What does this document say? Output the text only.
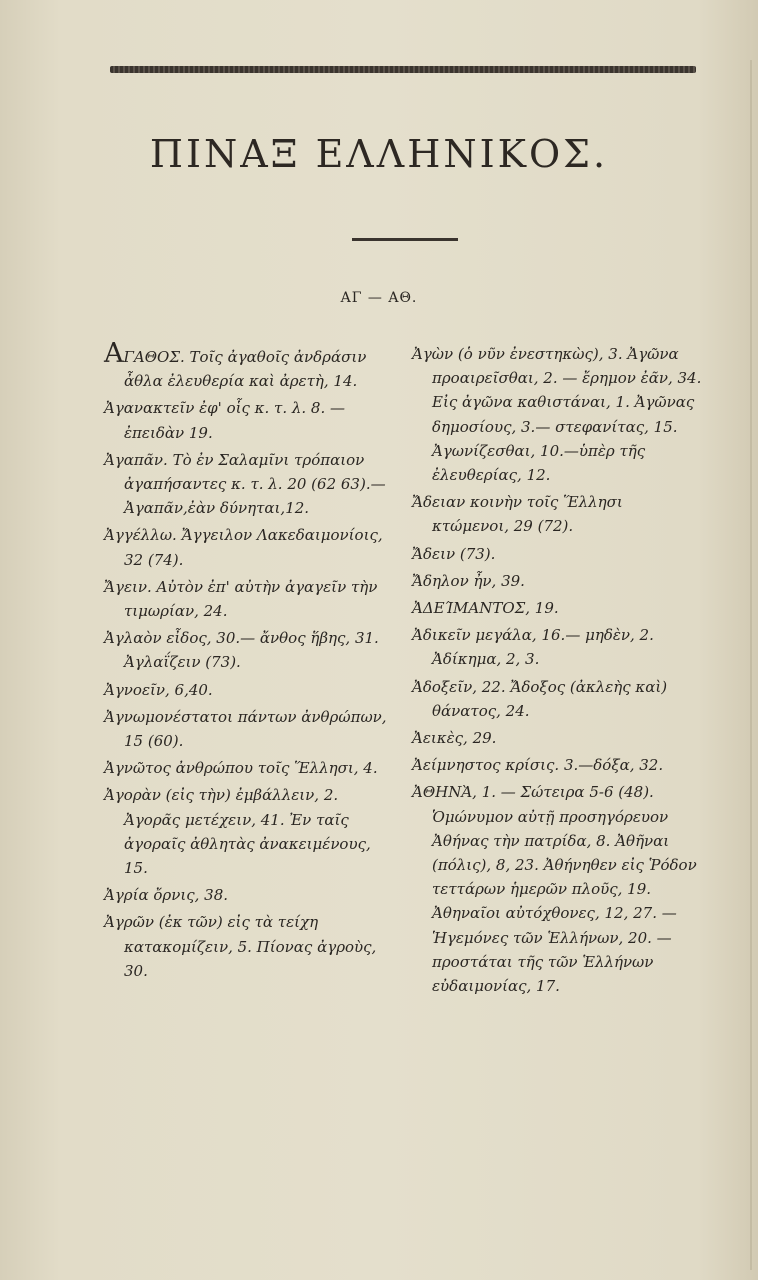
ΠΙΝΑΞ ΕΛΛΗΝΙΚΟΣ.
ΑΓ — ΑΘ.
ΑΓΑΘΟΣ. Τοῖς ἀγαθοῖς ἀνδράσιν ἆθλα ἐλευθερία καὶ ἀρετὴ, 14.
Ἀγανακτεῖν ἐφ' οἷς κ. τ. λ. 8. — ἐπειδὰν 19.
Ἀγαπᾶν. Τὸ ἐν Σαλαμῖνι τρόπαιον ἀγαπήσαντες κ. τ. λ. 20 (62 63).—Ἀγαπᾶν,ἐὰν δύνηται,12.
Ἀγγέλλω. Ἄγγειλον Λακεδαιμονίοις, 32 (74).
Ἄγειν. Αὐτὸν ἐπ' αὐτὴν ἀγαγεῖν τὴν τιμωρίαν, 24.
Ἀγλαὸν εἶδος, 30.— ἄνθος ἥβης, 31. Ἀγλαΐζειν (73).
Ἀγνοεῖν, 6,40.
Ἀγνωμονέστατοι πάντων ἀνθρώπων, 15 (60).
Ἀγνῶτος ἀνθρώπου τοῖς Ἕλλησι, 4.
Ἀγορὰν (εἰς τὴν) ἐμβάλλειν, 2. Ἀγορᾶς μετέχειν, 41. Ἐν ταῖς ἀγοραῖς ἀθλητὰς ἀνακειμένους, 15.
Ἀγρία ὄρνις, 38.
Ἀγρῶν (ἐκ τῶν) εἰς τὰ τείχη κατακομίζειν, 5. Πίονας ἀγροὺς, 30.
Ἀγὼν (ὁ νῦν ἐνεστηκὼς), 3. Ἀγῶνα προαιρεῖσθαι, 2. — ἔρημον ἐᾶν, 34. Εἰς ἀγῶνα καθιστάναι, 1. Ἀγῶνας δημοσίους, 3.— στεφανίτας, 15. Ἀγωνίζεσθαι, 10.—ὑπὲρ τῆς ἐλευθερίας, 12.
Ἄδειαν κοινὴν τοῖς Ἕλλησι κτώμενοι, 29 (72).
Ἄδειν (73).
Ἄδηλον ἦν, 39.
ἈΔΕΊΜΑΝΤΟΣ, 19.
Ἀδικεῖν μεγάλα, 16.— μηδὲν, 2. Ἀδίκημα, 2, 3.
Ἀδοξεῖν, 22. Ἄδοξος (ἀκλεὴς καὶ) θάνατος, 24.
Ἀεικὲς, 29.
Ἀείμνηστος κρίσις. 3.—δόξα, 32.
ἈΘΗΝᾺ, 1. — Σώτειρα 5-6 (48). Ὁμώνυμον αὐτῇ προσηγόρευον Ἀθήνας τὴν πατρίδα, 8. Ἀθῆναι (πόλις), 8, 23. Ἀθήνηθεν εἰς Ῥόδον τεττάρων ἡμερῶν πλοῦς, 19. Ἀθηναῖοι αὐτόχθονες, 12, 27. — Ἡγεμόνες τῶν Ἑλλήνων, 20. —προστάται τῆς τῶν Ἑλλήνων εὐδαιμονίας, 17.
